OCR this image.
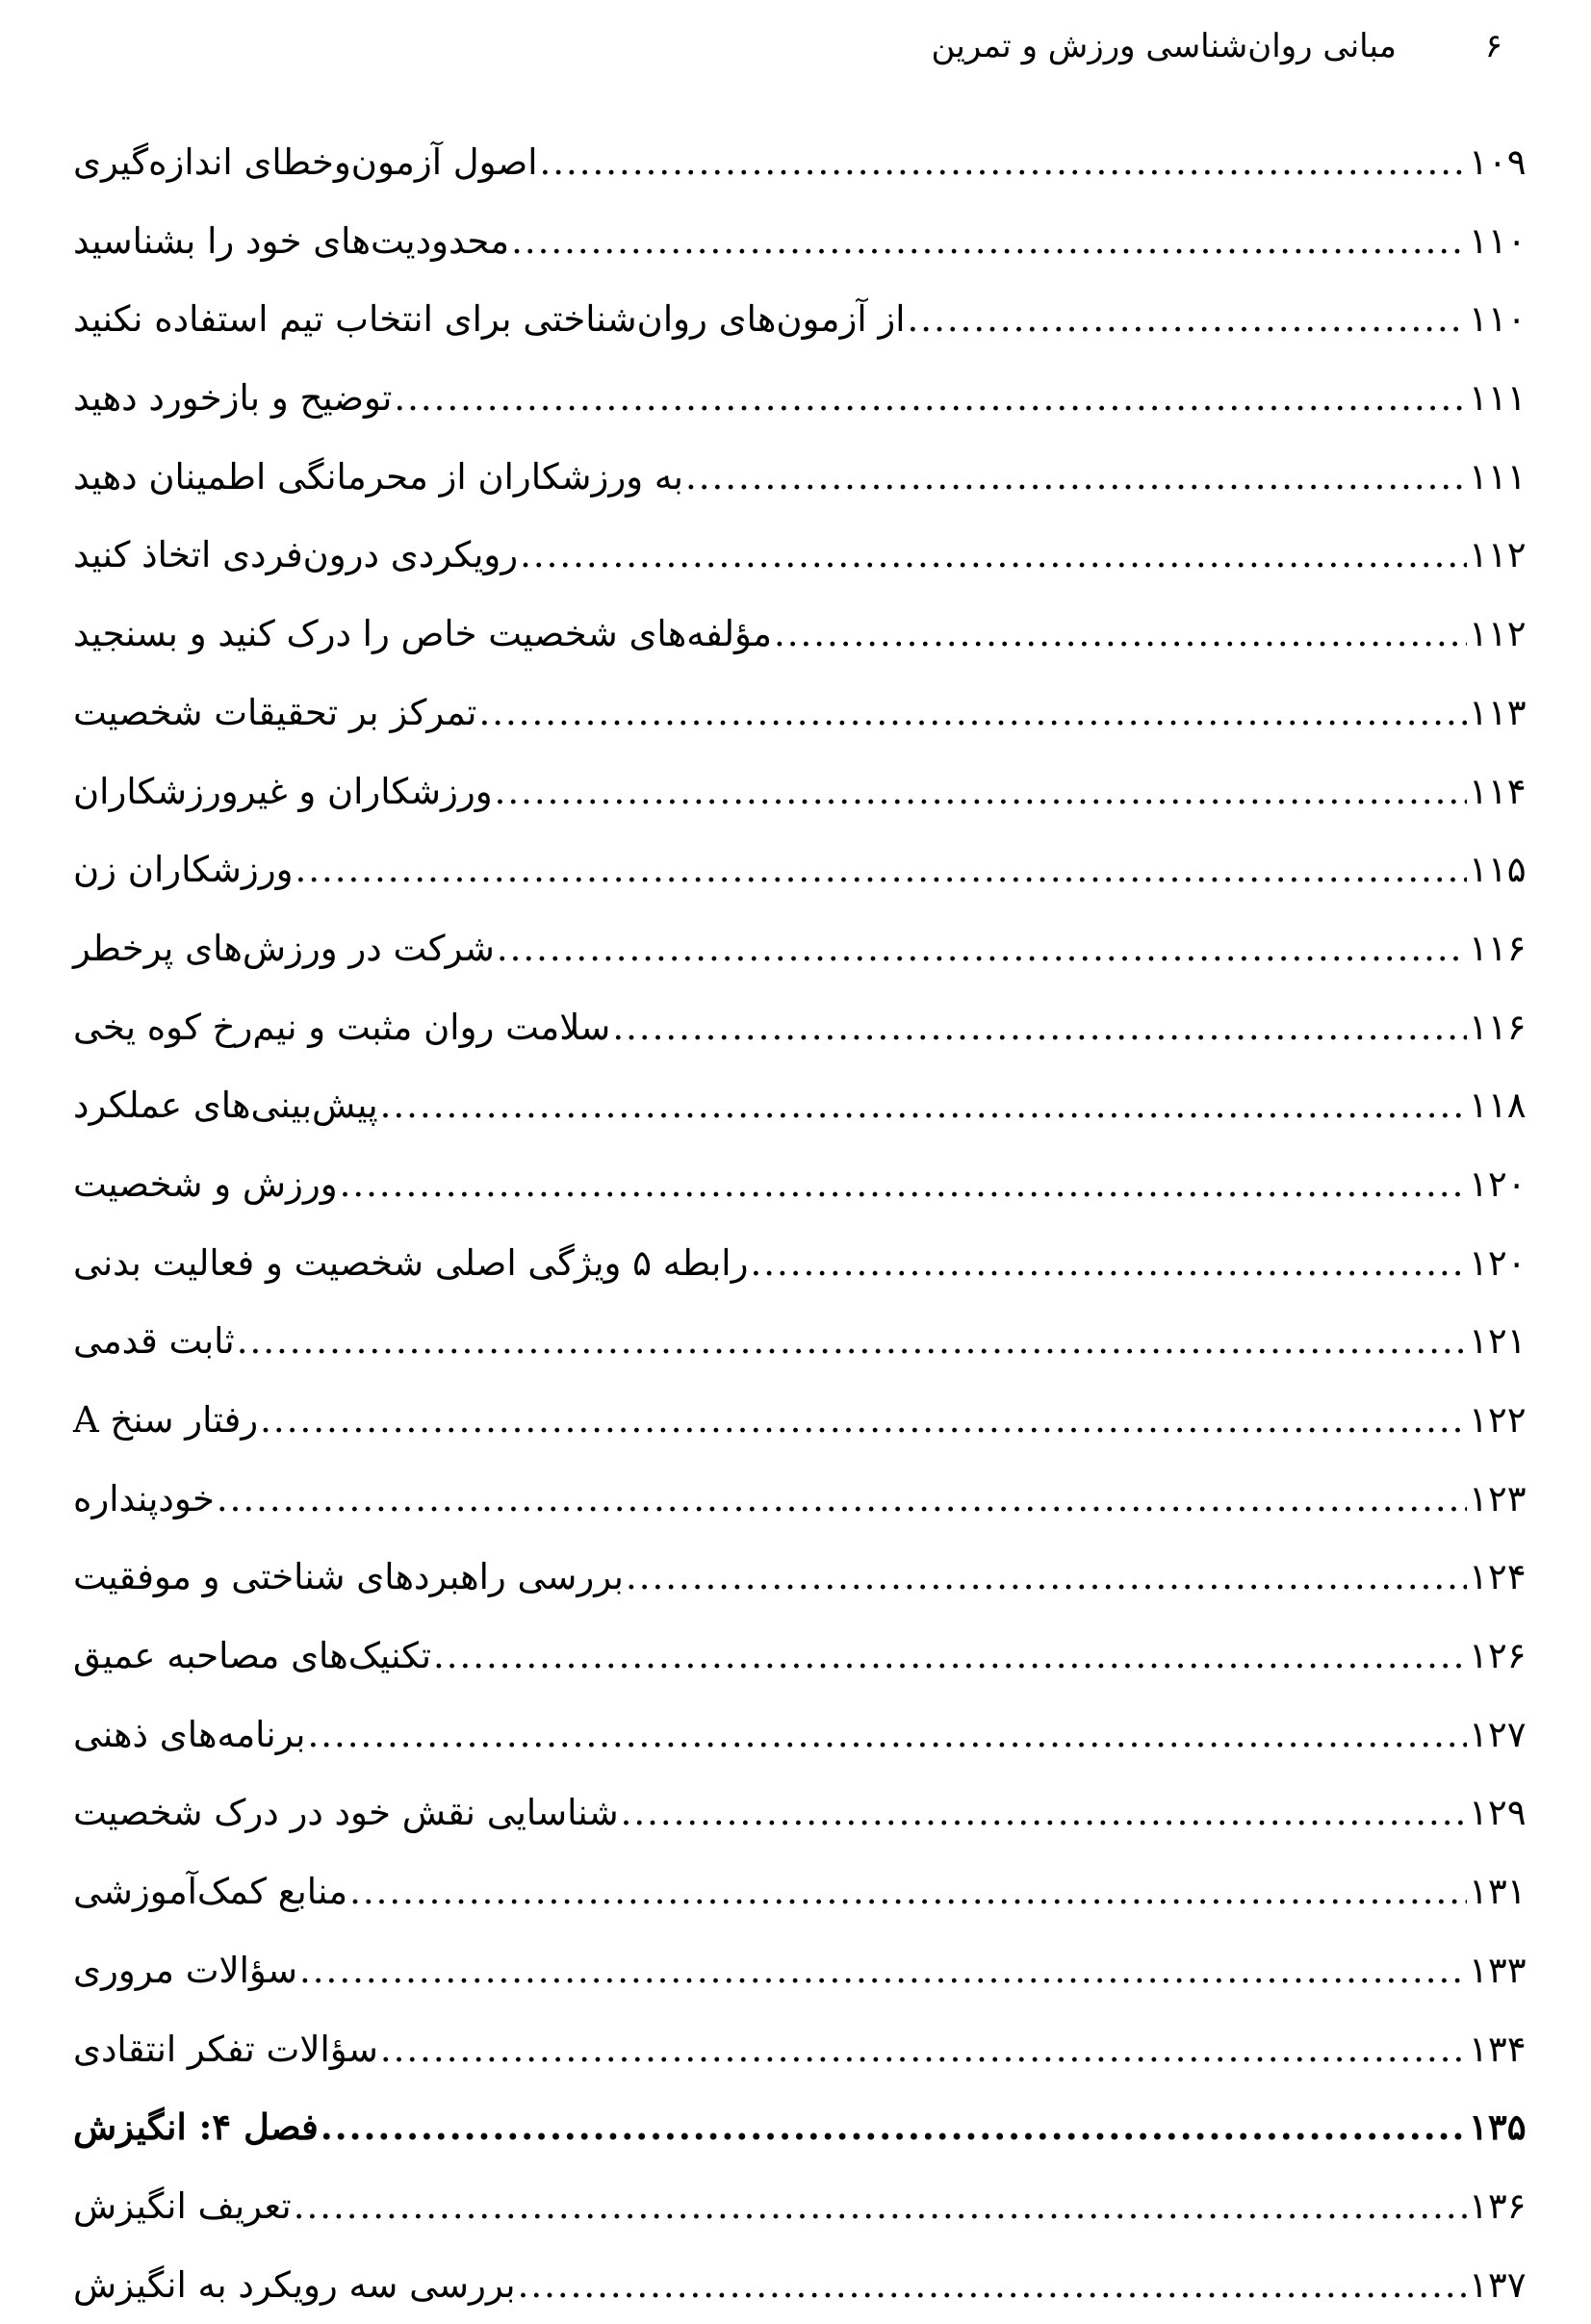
۶
مبانی روان‌شناسی ورزش و تمرین
اصول آزمون‌وخطای اندازه‌گیری .....	۱۰۹
محدودیت‌های خود را بشناسید .....	۱۱۰
از آزمون‌های روان‌شناختی برای انتخاب تیم استفاده نکنید .....	۱۱۰
توضیح و بازخورد دهید .....	۱۱۱
به ورزشکاران از محرمانگی اطمینان دهید .....	۱۱۱
رویکردی درون‌فردی اتخاذ کنید .....	۱۱۲
مؤلفه‌های شخصیت خاص را درک کنید و بسنجید .....	۱۱۲
تمرکز بر تحقیقات شخصیت .....	۱۱۳
ورزشکاران و غیرورزشکاران .....	۱۱۴
ورزشکاران زن .....	۱۱۵
شرکت در ورزش‌های پرخطر .....	۱۱۶
سلامت روان مثبت و نیم‌رخ کوه یخی .....	۱۱۶
پیش‌بینی‌های عملکرد .....	۱۱۸
ورزش و شخصیت .....	۱۲۰
رابطه ۵ ویژگی اصلی شخصیت و فعالیت بدنی .....	۱۲۰
ثابت قدمی .....	۱۲۱
رفتار سنخ A .....	۱۲۲
خودپنداره .....	۱۲۳
بررسی راهبردهای شناختی و موفقیت .....	۱۲۴
تکنیک‌های مصاحبه عمیق .....	۱۲۶
برنامه‌های ذهنی .....	۱۲۷
شناسایی نقش خود در درک شخصیت .....	۱۲۹
منابع کمک‌آموزشی .....	۱۳۱
سؤالات مروری .....	۱۳۳
سؤالات تفکر انتقادی .....	۱۳۴
فصل ۴: انگیزش .....	۱۳۵
تعریف انگیزش .....	۱۳۶
بررسی سه رویکرد به انگیزش .....	۱۳۷
